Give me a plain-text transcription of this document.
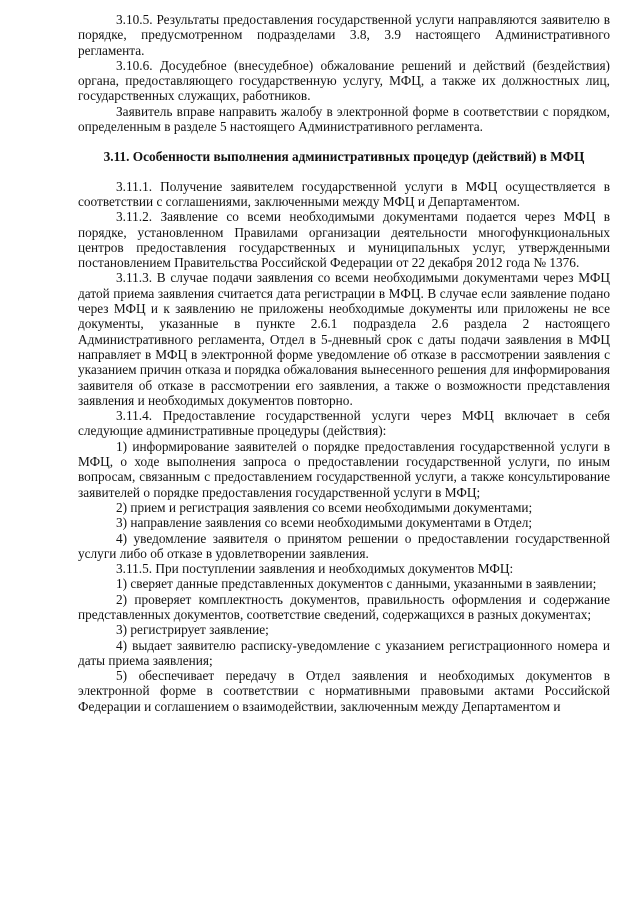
3.10.5. Результаты предоставления государственной услуги направляются заявителю в порядке, предусмотренном подразделами 3.8, 3.9 настоящего Административного регламента.

3.10.6. Досудебное (внесудебное) обжалование решений и действий (бездействия) органа, предоставляющего государственную услугу, МФЦ, а также их должностных лиц, государственных служащих, работников.

Заявитель вправе направить жалобу в электронной форме в соответствии с порядком, определенным в разделе 5 настоящего Административного регламента.

3.11. Особенности выполнения административных процедур (действий) в МФЦ

3.11.1. Получение заявителем государственной услуги в МФЦ осуществляется в соответствии с соглашениями, заключенными между МФЦ и Департаментом.

3.11.2. Заявление со всеми необходимыми документами подается через МФЦ в порядке, установленном Правилами организации деятельности многофункциональных центров предоставления государственных и муниципальных услуг, утвержденными постановлением Правительства Российской Федерации от 22 декабря 2012 года № 1376.

3.11.3. В случае подачи заявления со всеми необходимыми документами через МФЦ датой приема заявления считается дата регистрации в МФЦ. В случае если заявление подано через МФЦ и к заявлению не приложены необходимые документы или приложены не все документы, указанные в пункте 2.6.1 подраздела 2.6 раздела 2 настоящего Административного регламента, Отдел в 5-дневный срок с даты подачи заявления в МФЦ направляет в МФЦ в электронной форме уведомление об отказе в рассмотрении заявления с указанием причин отказа и порядка обжалования вынесенного решения для информирования заявителя об отказе в рассмотрении его заявления, а также о возможности представления заявления и необходимых документов повторно.

3.11.4. Предоставление государственной услуги через МФЦ включает в себя следующие административные процедуры (действия):

1) информирование заявителей о порядке предоставления государственной услуги в МФЦ, о ходе выполнения запроса о предоставлении государственной услуги, по иным вопросам, связанным с предоставлением государственной услуги, а также консультирование заявителей о порядке предоставления государственной услуги в МФЦ;

2) прием и регистрация заявления со всеми необходимыми документами;

3) направление заявления со всеми необходимыми документами в Отдел;

4) уведомление заявителя о принятом решении о предоставлении государственной услуги либо об отказе в удовлетворении заявления.

3.11.5. При поступлении заявления и необходимых документов МФЦ:

1) сверяет данные представленных документов с данными, указанными в заявлении;

2) проверяет комплектность документов, правильность оформления и содержание представленных документов, соответствие сведений, содержащихся в разных документах;

3) регистрирует заявление;

4) выдает заявителю расписку-уведомление с указанием регистрационного номера и даты приема заявления;

5) обеспечивает передачу в Отдел заявления и необходимых документов в электронной форме в соответствии с нормативными правовыми актами Российской Федерации и соглашением о взаимодействии, заключенным между Департаментом и
